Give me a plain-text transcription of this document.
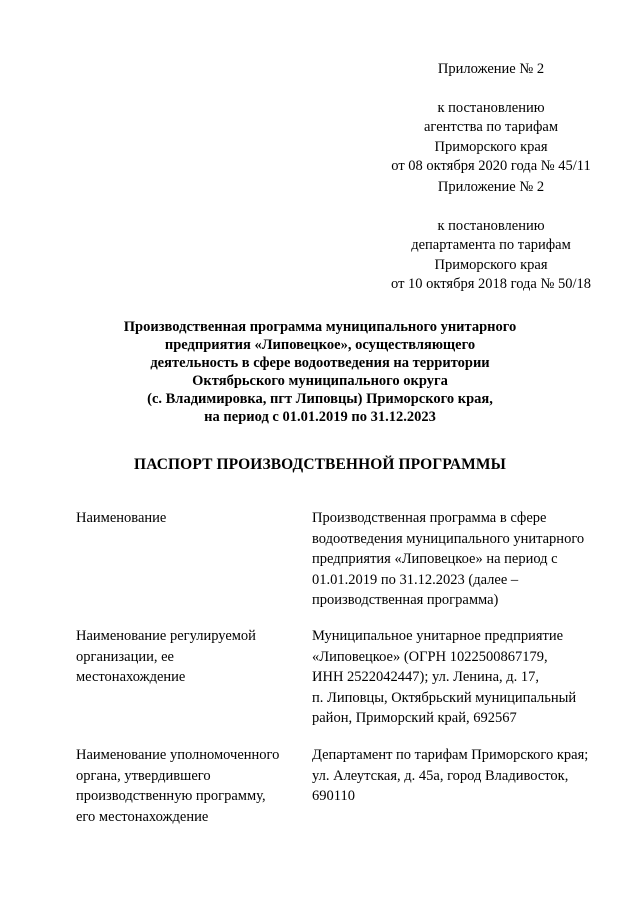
Приложение № 2
к постановлению
агентства по тарифам
Приморского края
от 08 октября 2020 года № 45/11
Приложение № 2
к постановлению
департамента по тарифам
Приморского края
от 10 октября 2018 года № 50/18
Производственная программа муниципального унитарного
предприятия «Липовецкое», осуществляющего
деятельность в сфере водоотведения на территории
Октябрьского муниципального округа
(с. Владимировка, пгт Липовцы) Приморского края,
на период с 01.01.2019 по 31.12.2023
ПАСПОРТ ПРОИЗВОДСТВЕННОЙ ПРОГРАММЫ
Наименование	Производственная программа в сфере
водоотведения муниципального унитарного
предприятия «Липовецкое» на период с
01.01.2019 по 31.12.2023 (далее –
производственная программа)
Наименование регулируемой
организации, ее
местонахождение
Муниципальное унитарное предприятие
«Липовецкое» (ОГРН 1022500867179,
ИНН 2522042447); ул. Ленина, д. 17,
п. Липовцы, Октябрьский муниципальный
район, Приморский край, 692567
Наименование уполномоченного
органа, утвердившего
производственную программу,
его местонахождение
Департамент по тарифам Приморского края;
ул. Алеутская, д. 45а, город Владивосток,
690110
